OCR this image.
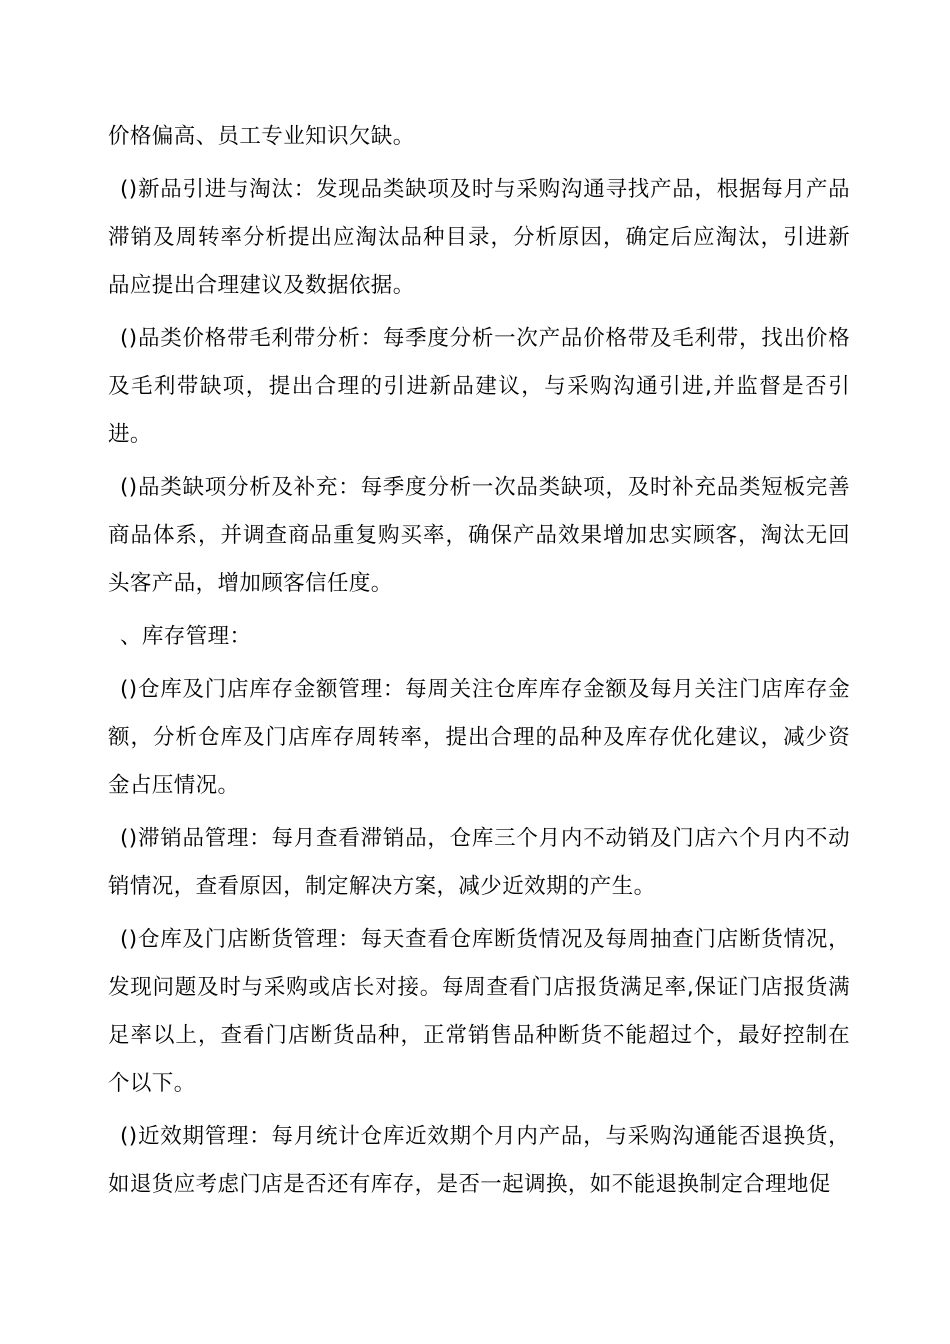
价格偏高、员工专业知识欠缺。

()新品引进与淘汰：发现品类缺项及时与采购沟通寻找产品，根据每月产品滞销及周转率分析提出应淘汰品种目录，分析原因，确定后应淘汰，引进新品应提出合理建议及数据依据。

()品类价格带毛利带分析：每季度分析一次产品价格带及毛利带，找出价格及毛利带缺项，提出合理的引进新品建议，与采购沟通引进,并监督是否引进。

()品类缺项分析及补充：每季度分析一次品类缺项，及时补充品类短板完善商品体系，并调查商品重复购买率，确保产品效果增加忠实顾客，淘汰无回头客产品，增加顾客信任度。

、库存管理：

()仓库及门店库存金额管理：每周关注仓库库存金额及每月关注门店库存金额，分析仓库及门店库存周转率，提出合理的品种及库存优化建议，减少资金占压情况。

()滞销品管理：每月查看滞销品，仓库三个月内不动销及门店六个月内不动销情况，查看原因，制定解决方案，减少近效期的产生。

()仓库及门店断货管理：每天查看仓库断货情况及每周抽查门店断货情况，发现问题及时与采购或店长对接。每周查看门店报货满足率,保证门店报货满足率以上，查看门店断货品种，正常销售品种断货不能超过个，最好控制在个以下。

()近效期管理：每月统计仓库近效期个月内产品，与采购沟通能否退换货，如退货应考虑门店是否还有库存，是否一起调换，如不能退换制定合理地促
